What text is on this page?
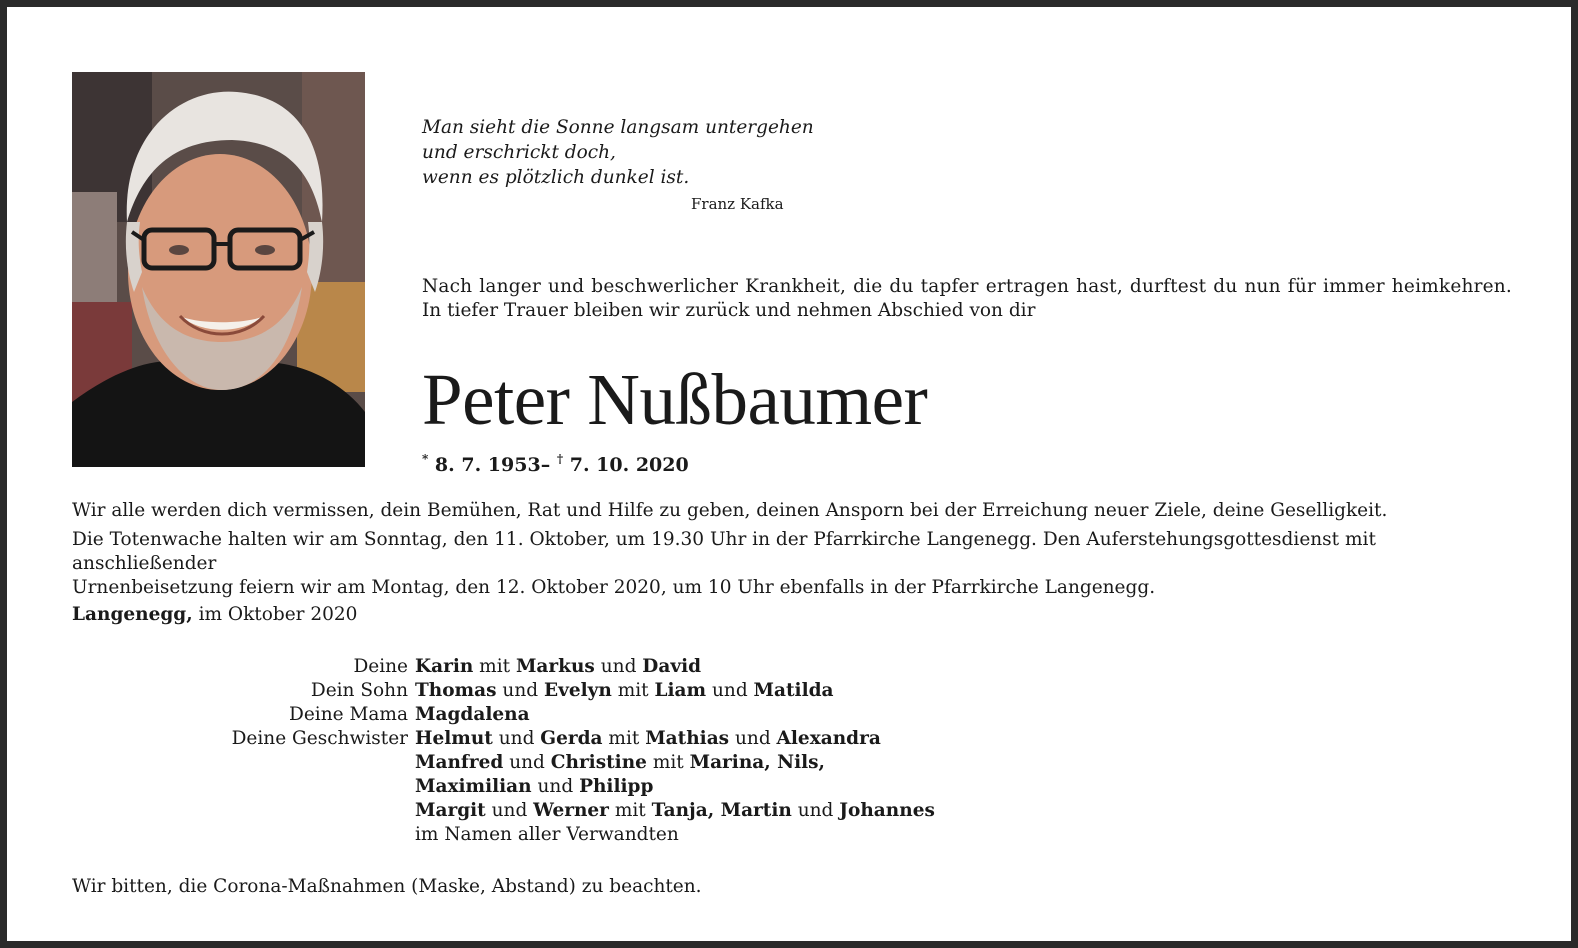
Man sieht die Sonne langsam untergehen
und erschrickt doch,
wenn es plötzlich dunkel ist.
Franz Kafka
Nach langer und beschwerlicher Krankheit, die du tapfer ertragen hast, durftest du nun für immer heimkehren.
In tiefer Trauer bleiben wir zurück und nehmen Abschied von dir
Peter Nußbaumer
* 8. 7. 1953– † 7. 10. 2020
Wir alle werden dich vermissen, dein Bemühen, Rat und Hilfe zu geben, deinen Ansporn bei der Erreichung neuer Ziele, deine Geselligkeit.
Die Totenwache halten wir am Sonntag, den 11. Oktober, um 19.30 Uhr in der Pfarrkirche Langenegg. Den Auferstehungsgottesdienst mit anschließender
Urnenbeisetzung feiern wir am Montag, den 12. Oktober 2020, um 10 Uhr ebenfalls in der Pfarrkirche Langenegg.
Langenegg, im Oktober 2020
Deine Karin mit Markus und David
Dein Sohn Thomas und Evelyn mit Liam und Matilda
Deine Mama Magdalena
Deine Geschwister Helmut und Gerda mit Mathias und Alexandra
Manfred und Christine mit Marina, Nils,
Maximilian und Philipp
Margit und Werner mit Tanja, Martin und Johannes
im Namen aller Verwandten
Wir bitten, die Corona-Maßnahmen (Maske, Abstand) zu beachten.
